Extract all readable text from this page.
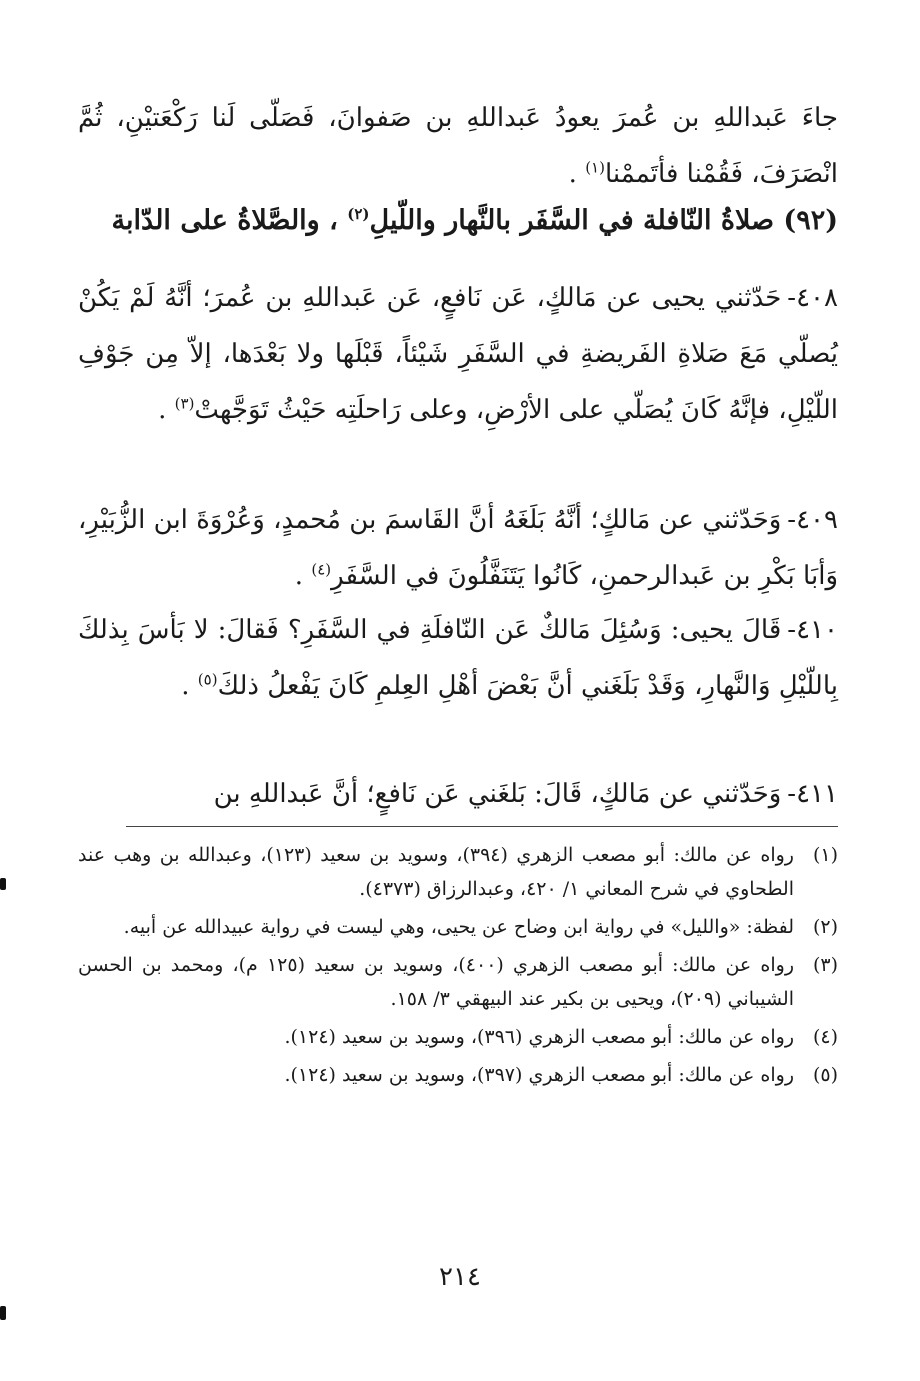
جاءَ عَبداللهِ بن عُمرَ يعودُ عَبداللهِ بن صَفوانَ، فَصَلّى لَنا رَكْعَتيْنِ، ثُمَّ انْصَرَفَ، فَقُمْنا فأتَممْنا$^{(١)}$ .
(٩٢) صلاةُ النّافلة في السَّفَر بالنَّهار واللّيلِ$^{(٢)}$ ، والصَّلاةُ على الدّابة
٤٠٨-حَدّثني يحيى عن مَالكٍ، عَن نَافعٍ، عَن عَبداللهِ بن عُمرَ؛ أنَّهُ لَمْ يَكُنْ يُصلّي مَعَ صَلاةِ الفَريضةِ في السَّفَرِ شَيْئاً، قَبْلَها ولا بَعْدَها، إلاّ مِن جَوْفِ اللّيْلِ، فإنَّهُ كَانَ يُصَلّي على الأرْضِ، وعلى رَاحلَتِه حَيْثُ تَوَجَّهتْ$^{(٣)}$ .
٤٠٩-وَحَدّثني عن مَالكٍ؛ أنَّهُ بَلَغَهُ أنَّ القَاسمَ بن مُحمدٍ، وَعُرْوَةَ ابن الزُّبَيْرِ، وَأبَا بَكْرِ بن عَبدالرحمنِ، كَانُوا يَتَنَفَّلُونَ في السَّفَرِ$^{(٤)}$ .
٤١٠-قَالَ يحيى: وَسُئِلَ مَالكٌ عَن النّافلَةِ في السَّفَرِ؟ فَقالَ: لا بَأسَ بِذلكَ بِاللّيْلِ وَالنَّهارِ، وَقَدْ بَلَغَني أنَّ بَعْضَ أهْلِ العِلمِ كَانَ يَفْعلُ ذلكَ$^{(٥)}$ .
٤١١-وَحَدّثني عن مَالكٍ، قَالَ: بَلغَني عَن نَافعٍ؛ أنَّ عَبداللهِ بن
(١)
رواه عن مالك: أبو مصعب الزهري (٣٩٤)، وسويد بن سعيد (١٢٣)، وعبدالله بن وهب عند الطحاوي في شرح المعاني ١/ ٤٢٠، وعبدالرزاق (٤٣٧٣).
(٢)
لفظة: «والليل» في رواية ابن وضاح عن يحيى، وهي ليست في رواية عبيدالله عن أبيه.
(٣)
رواه عن مالك: أبو مصعب الزهري (٤٠٠)، وسويد بن سعيد (١٢٥ م)، ومحمد بن الحسن الشيباني (٢٠٩)، ويحيى بن بكير عند البيهقي ٣/ ١٥٨.
(٤)
رواه عن مالك: أبو مصعب الزهري (٣٩٦)، وسويد بن سعيد (١٢٤).
(٥)
رواه عن مالك: أبو مصعب الزهري (٣٩٧)، وسويد بن سعيد (١٢٤).
٢١٤
